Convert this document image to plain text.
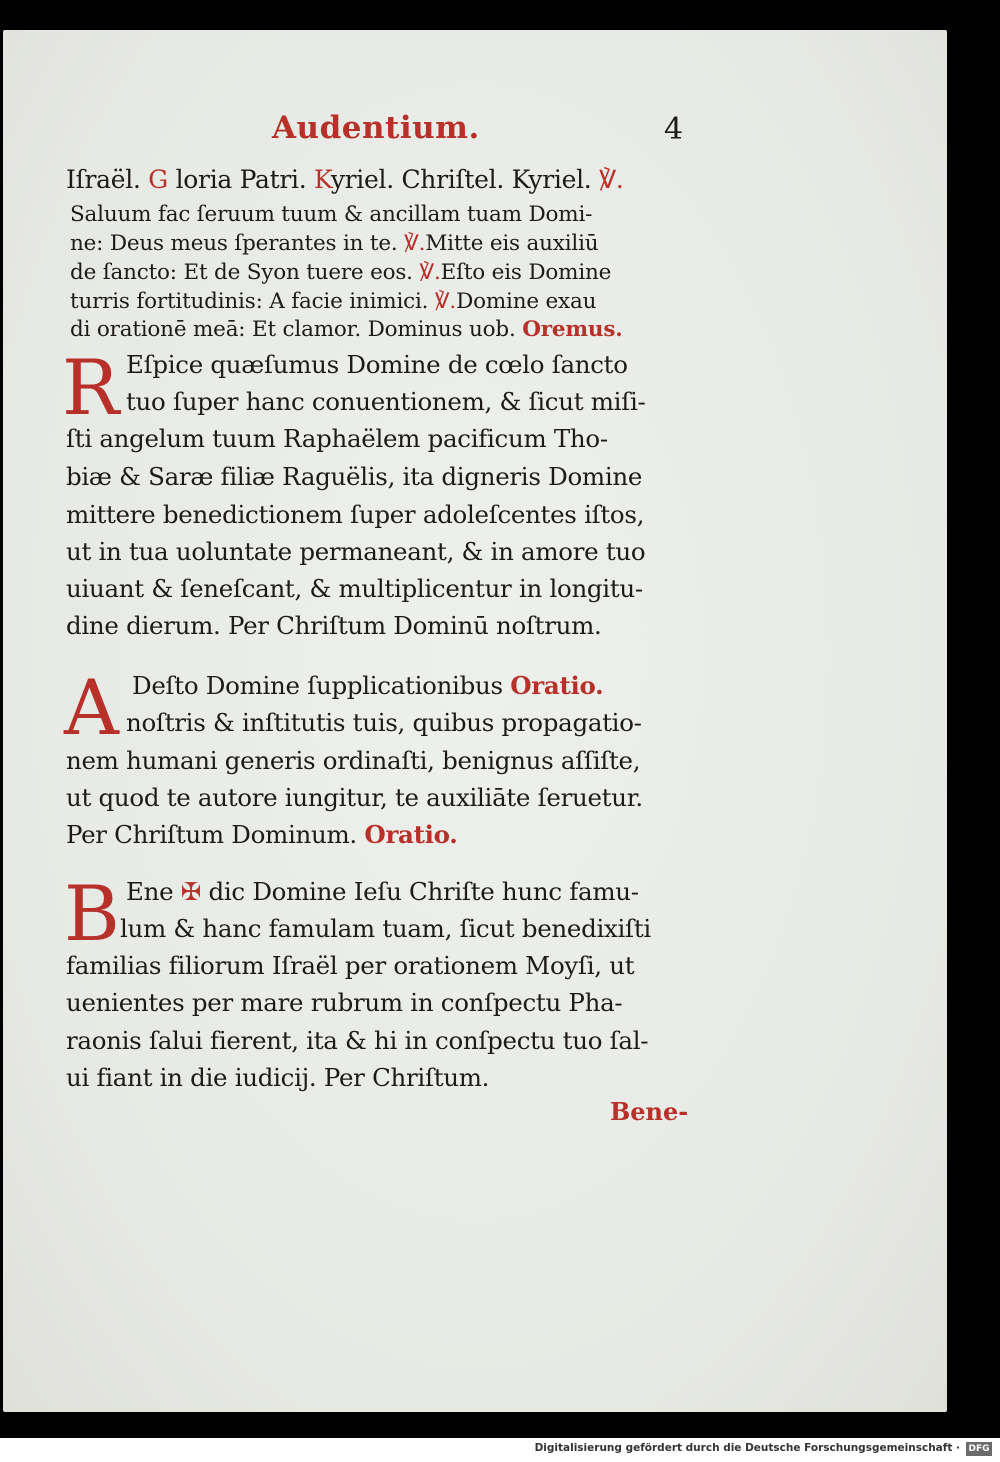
Audentium.	4
Iſraël. G loria Patri. Kyriel. Chriſtel. Kyriel. ℣.
Saluum fac ſeruum tuum & ancillam tuam Domi-
ne: Deus meus ſperantes in te. ℣.Mitte eis auxiliū
de ſancto: Et de Syon tuere eos. ℣.Eſto eis Domine
turris fortitudinis: A facie inimici. ℣.Domine exau
di orationē meā: Et clamor. Dominus uob. Oremus.
R Eſpice quæſumus Domine de cœlo ſancto
tuo ſuper hanc conuentionem, & ſicut miſi-
ſti angelum tuum Raphaëlem pacificum Tho-
biæ & Saræ filiæ Raguëlis, ita digneris Domine
mittere benedictionem ſuper adoleſcentes iſtos,
ut in tua uoluntate permaneant, & in amore tuo
uiuant & ſeneſcant, & multiplicentur in longitu-
dine dierum. Per Chriſtum Dominū noſtrum.
A Deſto Domine ſupplicationibus Oratio.
noſtris & inſtitutis tuis, quibus propagatio-
nem humani generis ordinaſti, benignus aſſiſte,
ut quod te autore iungitur, te auxiliāte ſeruetur.
Per Chriſtum Dominum. Oratio.
B Ene ✠ dic Domine Ieſu Chriſte hunc famu-
lum & hanc famulam tuam, ſicut benedixiſti
familias filiorum Iſraël per orationem Moyſi, ut
uenientes per mare rubrum in conſpectu Pha-
raonis ſalui fierent, ita & hi in conſpectu tuo ſal-
ui fiant in die iudicij. Per Chriſtum.
Bene-
Digitalisierung gefördert durch die Deutsche Forschungsgemeinschaft · DFG
